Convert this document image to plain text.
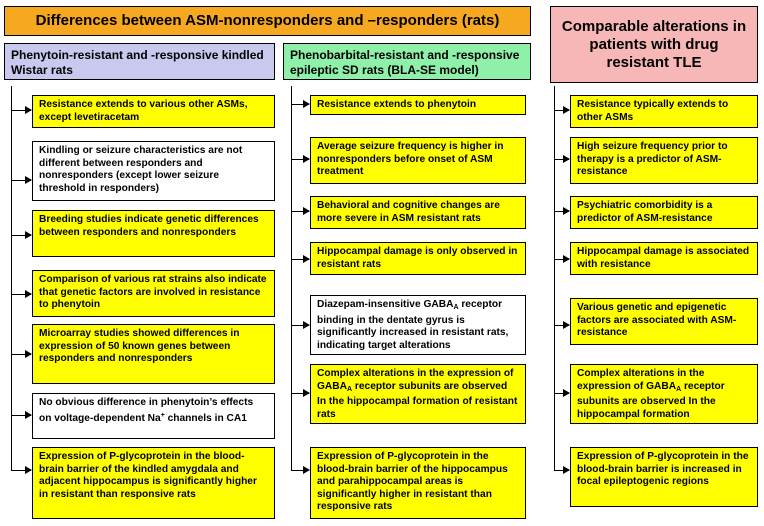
Differences between ASM-nonresponders and –responders (rats)	Comparable alterations in patients with drug resistant TLE
Phenytoin-resistant and -responsive kindled Wistar rats
Phenobarbital-resistant and -responsive epileptic SD rats (BLA-SE model)
Resistance extends to various other ASMs, except levetiracetam
Kindling or seizure characteristics are not different between responders and nonresponders (except lower seizure threshold in responders)
Breeding studies indicate genetic differences between responders and nonresponders
Comparison of various rat strains also indicate that genetic factors are involved in resistance to phenytoin
Microarray studies showed differences in expression of 50 known genes between responders and nonresponders
No obvious difference in phenytoin’s effects on voltage-dependent Na+ channels in CA1
Expression of P-glycoprotein in the blood-brain barrier of the kindled amygdala and adjacent hippocampus is significantly higher in resistant than responsive rats
Resistance extends to phenytoin
Average seizure frequency is higher in nonresponders before onset of ASM treatment
Behavioral and cognitive changes are more severe in ASM resistant rats
Hippocampal damage is only observed in resistant rats
Diazepam-insensitive $GABA_A$ receptor binding in the dentate gyrus is significantly increased in resistant rats, indicating target alterations
Complex alterations in the expression of $GABA_A$ receptor subunits are observed In the hippocampal formation of resistant rats
Expression of P-glycoprotein in the blood-brain barrier of the hippocampus and parahippocampal areas is significantly higher in resistant than responsive rats
Resistance typically extends to other ASMs
High seizure frequency prior to therapy is a predictor of ASM-resistance
Psychiatric comorbidity is a predictor of ASM-resistance
Hippocampal damage is associated with resistance
Various genetic and epigenetic factors are associated with ASM-resistance
Complex alterations in the expression of $GABA_A$ receptor subunits are observed In the hippocampal formation
Expression of P-glycoprotein in the blood-brain barrier is increased in focal epileptogenic regions
